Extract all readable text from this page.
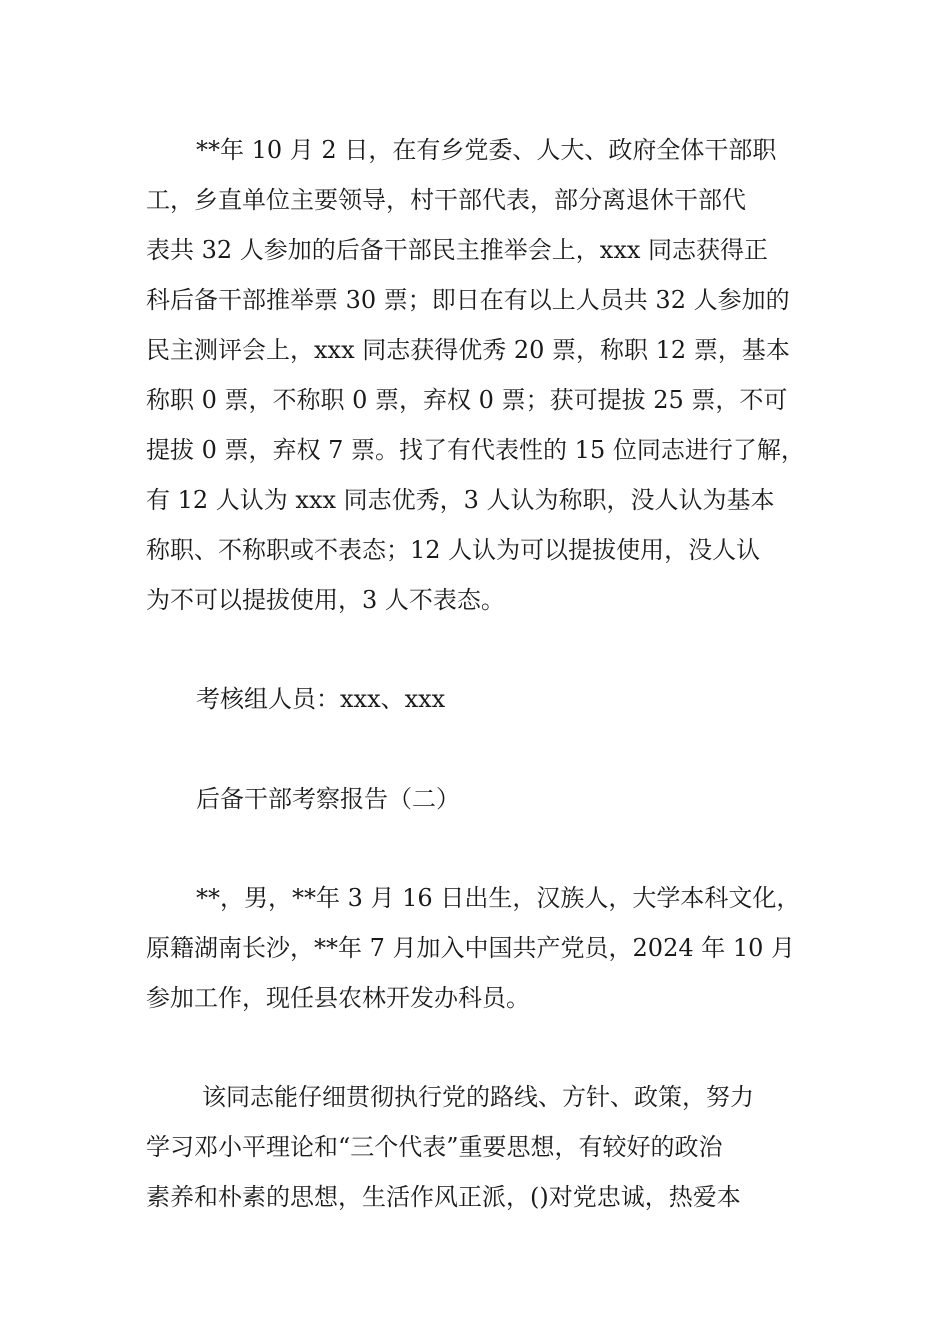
**年 10 月 2 日，在有乡党委、人大、政府全体干部职
工，乡直单位主要领导，村干部代表，部分离退休干部代
表共 32 人参加的后备干部民主推举会上，xxx 同志获得正
科后备干部推举票 30 票；即日在有以上人员共 32 人参加的
民主测评会上，xxx 同志获得优秀 20 票，称职 12 票，基本
称职 0 票，不称职 0 票，弃权 0 票；获可提拔 25 票，不可
提拔 0 票，弃权 7 票。找了有代表性的 15 位同志进行了解，
有 12 人认为 xxx 同志优秀，3 人认为称职，没人认为基本
称职、不称职或不表态；12 人认为可以提拔使用，没人认
为不可以提拔使用，3 人不表态。
考核组人员：xxx、xxx
后备干部考察报告（二）
**，男，**年 3 月 16 日出生，汉族人，大学本科文化，
原籍湖南长沙，**年 7 月加入中国共产党员，2024 年 10 月
参加工作，现任县农林开发办科员。
该同志能仔细贯彻执行党的路线、方针、政策，努力
学习邓小平理论和“三个代表”重要思想，有较好的政治
素养和朴素的思想，生活作风正派，()对党忠诚，热爱本
